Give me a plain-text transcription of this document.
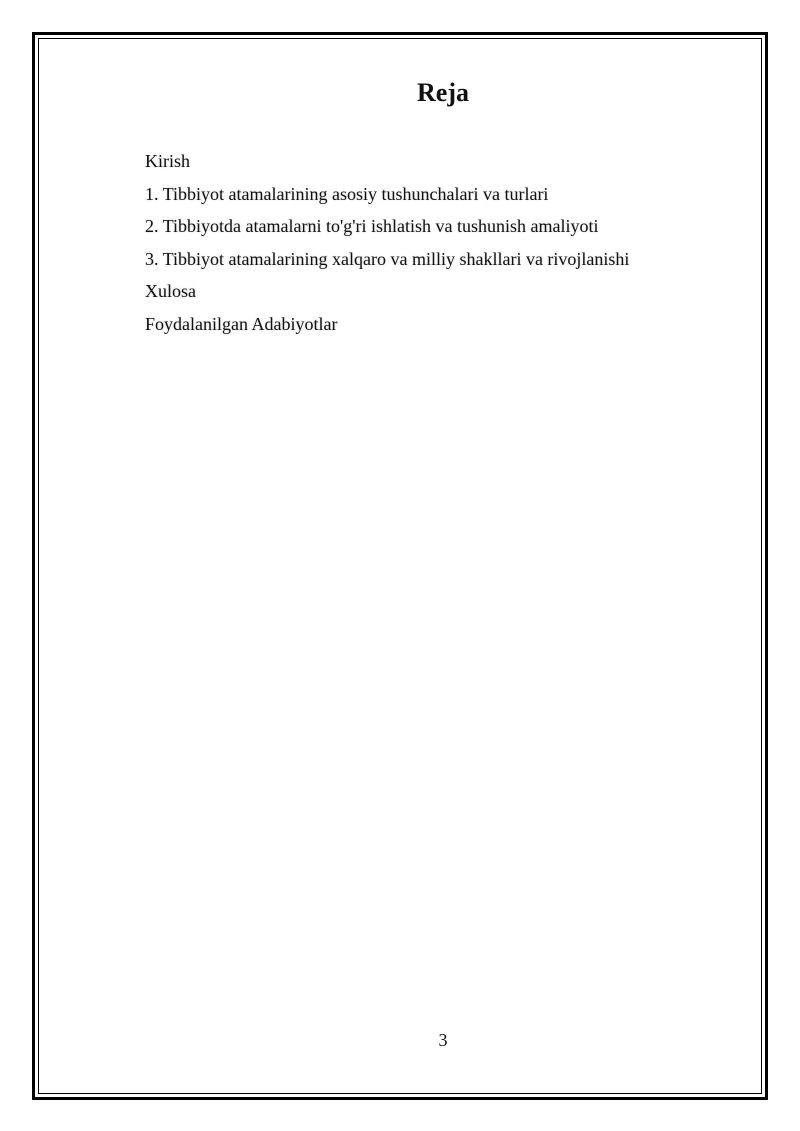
Reja
Kirish
1. Tibbiyot atamalarining asosiy tushunchalari va turlari
2. Tibbiyotda atamalarni to'g'ri ishlatish va tushunish amaliyoti
3. Tibbiyot atamalarining xalqaro va milliy shakllari va rivojlanishi
Xulosa
Foydalanilgan Adabiyotlar
3
